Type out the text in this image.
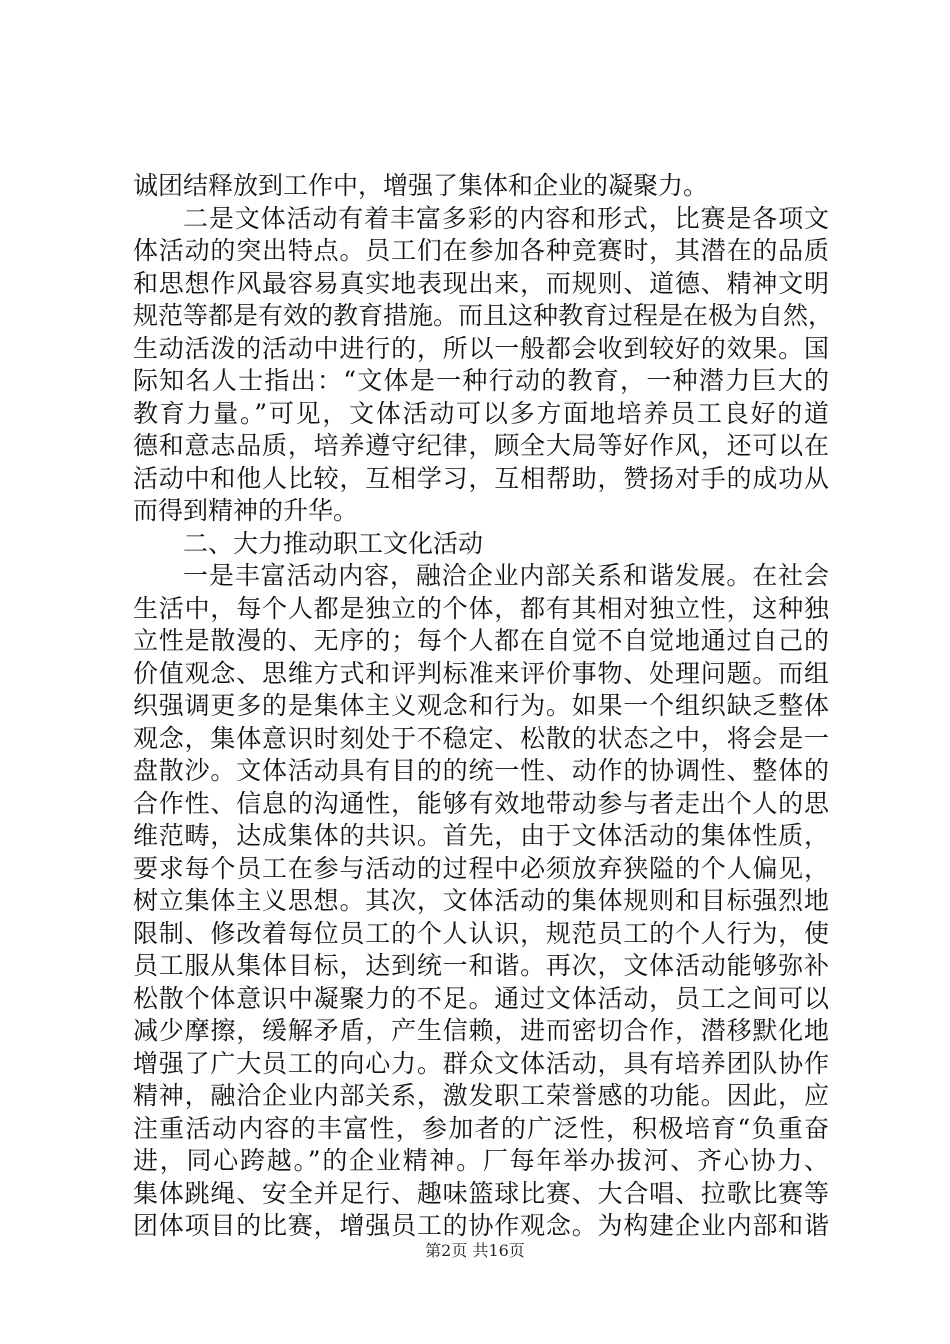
诚团结释放到工作中，增强了集体和企业的凝聚力。
二是文体活动有着丰富多彩的内容和形式，比赛是各项文
体活动的突出特点。员工们在参加各种竞赛时，其潜在的品质
和思想作风最容易真实地表现出来，而规则、道德、精神文明
规范等都是有效的教育措施。而且这种教育过程是在极为自然，
生动活泼的活动中进行的，所以一般都会收到较好的效果。国
际知名人士指出：“文体是一种行动的教育，一种潜力巨大的
教育力量。”可见，文体活动可以多方面地培养员工良好的道
德和意志品质，培养遵守纪律，顾全大局等好作风，还可以在
活动中和他人比较，互相学习，互相帮助，赞扬对手的成功从
而得到精神的升华。
二、大力推动职工文化活动
一是丰富活动内容，融洽企业内部关系和谐发展。在社会
生活中，每个人都是独立的个体，都有其相对独立性，这种独
立性是散漫的、无序的；每个人都在自觉不自觉地通过自己的
价值观念、思维方式和评判标准来评价事物、处理问题。而组
织强调更多的是集体主义观念和行为。如果一个组织缺乏整体
观念，集体意识时刻处于不稳定、松散的状态之中，将会是一
盘散沙。文体活动具有目的的统一性、动作的协调性、整体的
合作性、信息的沟通性，能够有效地带动参与者走出个人的思
维范畴，达成集体的共识。首先，由于文体活动的集体性质，
要求每个员工在参与活动的过程中必须放弃狭隘的个人偏见，
树立集体主义思想。其次，文体活动的集体规则和目标强烈地
限制、修改着每位员工的个人认识，规范员工的个人行为，使
员工服从集体目标，达到统一和谐。再次，文体活动能够弥补
松散个体意识中凝聚力的不足。通过文体活动，员工之间可以
减少摩擦，缓解矛盾，产生信赖，进而密切合作，潜移默化地
增强了广大员工的向心力。群众文体活动，具有培养团队协作
精神，融洽企业内部关系，激发职工荣誉感的功能。因此，应
注重活动内容的丰富性，参加者的广泛性，积极培育“负重奋
进，同心跨越。”的企业精神。厂每年举办拔河、齐心协力、
集体跳绳、安全并足行、趣味篮球比赛、大合唱、拉歌比赛等
团体项目的比赛，增强员工的协作观念。为构建企业内部和谐
第2页 共16页
